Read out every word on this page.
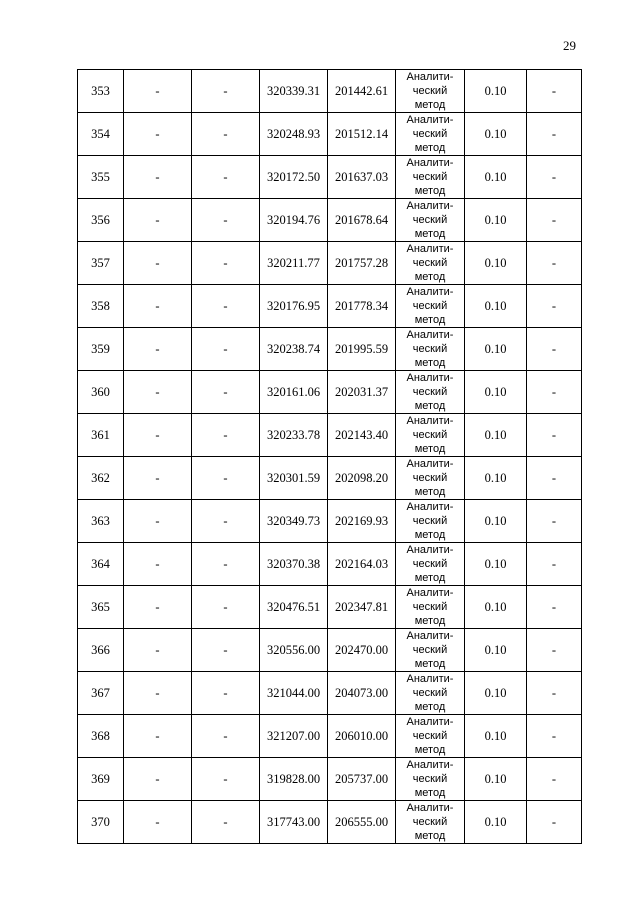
29
353	-	-	320339.31	201442.61	Аналити-
ческий
метод	0.10	-
354	-	-	320248.93	201512.14	Аналити-
ческий
метод	0.10	-
355	-	-	320172.50	201637.03	Аналити-
ческий
метод	0.10	-
356	-	-	320194.76	201678.64	Аналити-
ческий
метод	0.10	-
357	-	-	320211.77	201757.28	Аналити-
ческий
метод	0.10	-
358	-	-	320176.95	201778.34	Аналити-
ческий
метод	0.10	-
359	-	-	320238.74	201995.59	Аналити-
ческий
метод	0.10	-
360	-	-	320161.06	202031.37	Аналити-
ческий
метод	0.10	-
361	-	-	320233.78	202143.40	Аналити-
ческий
метод	0.10	-
362	-	-	320301.59	202098.20	Аналити-
ческий
метод	0.10	-
363	-	-	320349.73	202169.93	Аналити-
ческий
метод	0.10	-
364	-	-	320370.38	202164.03	Аналити-
ческий
метод	0.10	-
365	-	-	320476.51	202347.81	Аналити-
ческий
метод	0.10	-
366	-	-	320556.00	202470.00	Аналити-
ческий
метод	0.10	-
367	-	-	321044.00	204073.00	Аналити-
ческий
метод	0.10	-
368	-	-	321207.00	206010.00	Аналити-
ческий
метод	0.10	-
369	-	-	319828.00	205737.00	Аналити-
ческий
метод	0.10	-
370	-	-	317743.00	206555.00	Аналити-
ческий
метод	0.10	-
